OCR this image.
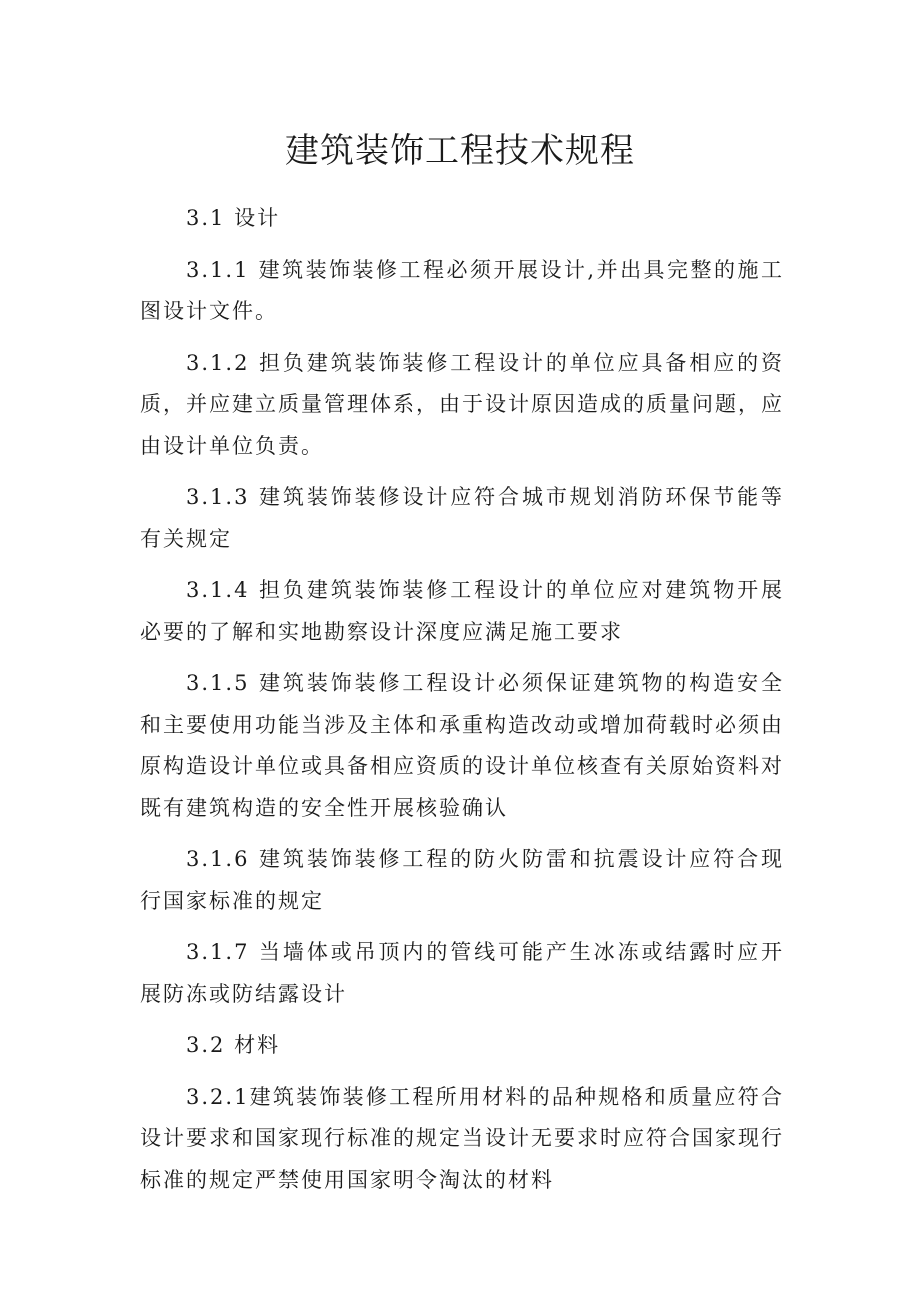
建筑装饰工程技术规程

3.1 设计

3.1.1 建筑装饰装修工程必须开展设计,并出具完整的施工图设计文件。

3.1.2 担负建筑装饰装修工程设计的单位应具备相应的资质，并应建立质量管理体系，由于设计原因造成的质量问题，应由设计单位负责。

3.1.3 建筑装饰装修设计应符合城市规划消防环保节能等有关规定

3.1.4 担负建筑装饰装修工程设计的单位应对建筑物开展必要的了解和实地勘察设计深度应满足施工要求

3.1.5 建筑装饰装修工程设计必须保证建筑物的构造安全和主要使用功能当涉及主体和承重构造改动或增加荷载时必须由原构造设计单位或具备相应资质的设计单位核查有关原始资料对既有建筑构造的安全性开展核验确认

3.1.6 建筑装饰装修工程的防火防雷和抗震设计应符合现行国家标准的规定

3.1.7 当墙体或吊顶内的管线可能产生冰冻或结露时应开展防冻或防结露设计

3.2 材料

3.2.1建筑装饰装修工程所用材料的品种规格和质量应符合设计要求和国家现行标准的规定当设计无要求时应符合国家现行标准的规定严禁使用国家明令淘汰的材料
